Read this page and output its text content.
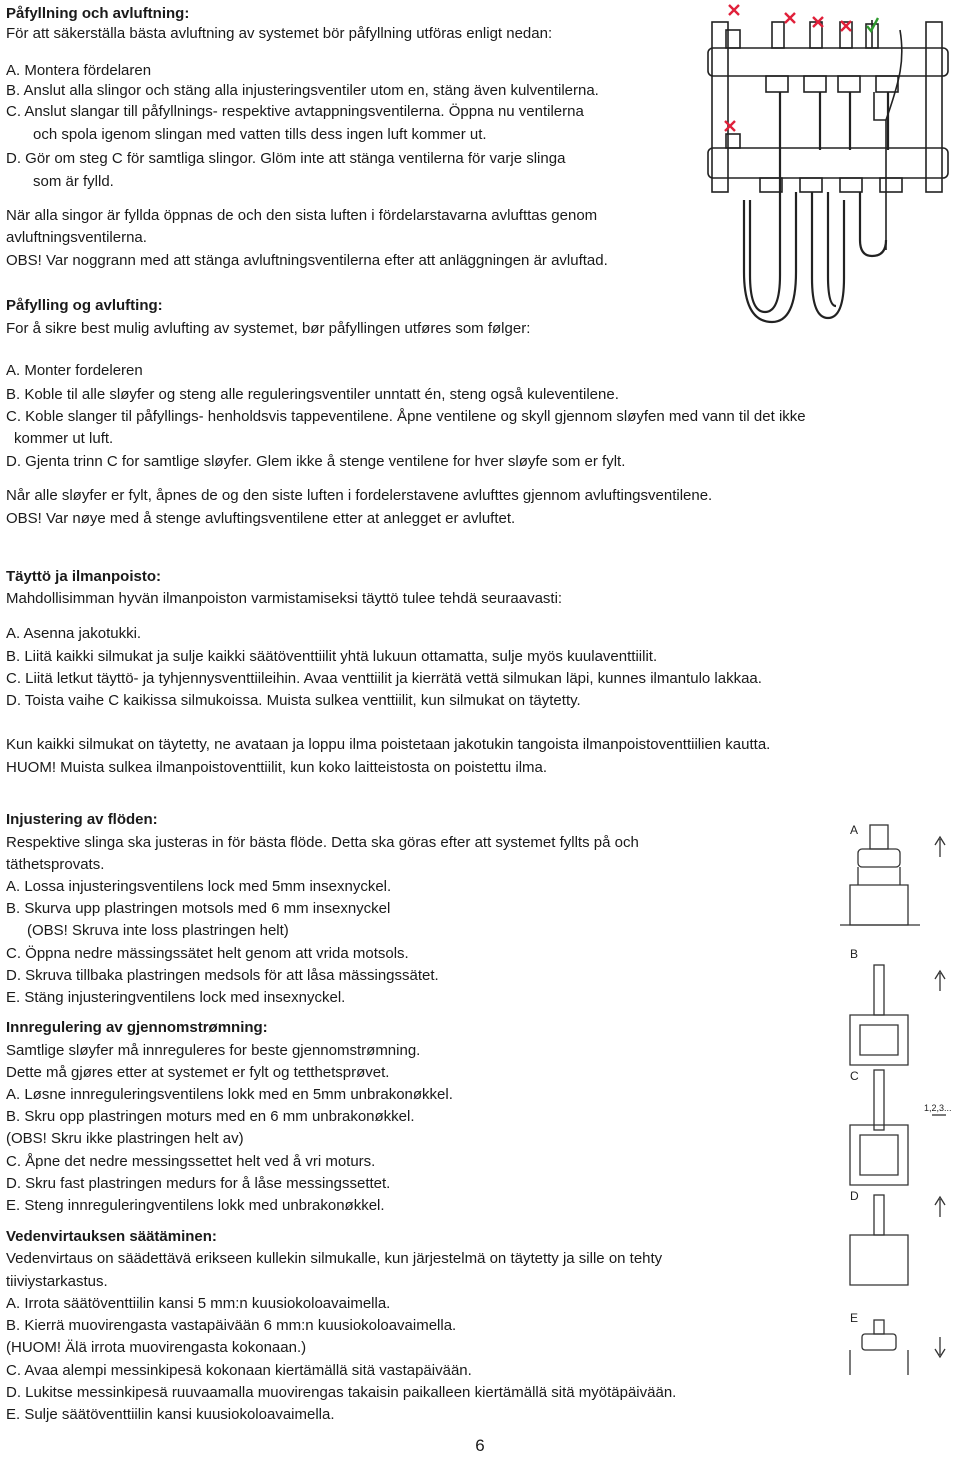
Påfyllning och avluftning:
För att säkerställa bästa avluftning av systemet bör påfyllning utföras enligt nedan:
A. Montera fördelaren
B. Anslut alla slingor och stäng alla injusteringsventiler utom en, stäng även kulventilerna.
C. Anslut slangar till påfyllnings- respektive avtappningsventilerna. Öppna nu ventilerna
och spola igenom slingan med vatten tills dess ingen luft kommer ut.
D. Gör om steg C för samtliga slingor. Glöm inte att stänga ventilerna för varje slinga
som är fylld.
När alla singor är fyllda öppnas de och den sista luften i fördelarstavarna avlufttas genom
avluftningsventilerna.
OBS! Var noggrann med att stänga avluftningsventilerna efter att anläggningen är avluftad.
Påfylling og avlufting:
For å sikre best mulig avlufting av systemet, bør påfyllingen utføres som følger:
A. Monter fordeleren
B. Koble til alle sløyfer og steng alle reguleringsventiler unntatt én, steng også kuleventilene.
C. Koble slanger til påfyllings- henholdsvis tappeventilene. Åpne ventilene og skyll gjennom sløyfen med vann til det ikke
kommer ut luft.
D. Gjenta trinn C for samtlige sløyfer. Glem ikke å stenge ventilene for hver sløyfe som er fylt.
Når alle sløyfer er fylt, åpnes de og den siste luften i fordelerstavene avlufttes gjennom avluftingsventilene.
OBS! Var nøye med å stenge avluftingsventilene etter at anlegget er avluftet.
Täyttö ja ilmanpoisto:
Mahdollisimman hyvän ilmanpoiston varmistamiseksi täyttö tulee tehdä seuraavasti:
A. Asenna jakotukki.
B. Liitä kaikki silmukat ja sulje kaikki säätöventtiilit yhtä lukuun ottamatta, sulje myös kuulaventtiilit.
C. Liitä letkut täyttö- ja tyhjennysventtiileihin. Avaa venttiilit ja kierrätä vettä silmukan läpi, kunnes ilmantulo lakkaa.
D. Toista vaihe C kaikissa silmukoissa. Muista sulkea venttiilit, kun silmukat on täytetty.
Kun kaikki silmukat on täytetty, ne avataan ja loppu ilma poistetaan jakotukin tangoista ilmanpoistoventtiilien kautta.
HUOM! Muista sulkea ilmanpoistoventtiilit, kun koko laitteistosta on poistettu ilma.
Injustering av flöden:
Respektive slinga ska justeras in för bästa flöde. Detta ska göras efter att systemet fyllts på och
täthetsprovats.
A. Lossa injusteringsventilens lock med 5mm insexnyckel.
B. Skurva upp plastringen motsols med 6 mm insexnyckel
(OBS! Skruva inte loss plastringen helt)
C. Öppna nedre mässingssätet helt genom att vrida motsols.
D. Skruva tillbaka plastringen medsols för att låsa mässingssätet.
E. Stäng injusteringventilens lock med insexnyckel.
Innregulering av gjennomstrømning:
Samtlige sløyfer må innreguleres for beste gjennomstrømning.
Dette må gjøres etter at systemet er fylt og tetthetsprøvet.
A. Løsne innreguleringsventilens lokk med en 5mm unbrakonøkkel.
B. Skru opp plastringen moturs med en 6 mm unbrakonøkkel.
(OBS! Skru ikke plastringen helt av)
C. Åpne det nedre messingssettet helt ved å vri moturs.
D. Skru fast plastringen medurs for å låse messingssettet.
E. Steng innreguleringventilens lokk med unbrakonøkkel.
Vedenvirtauksen säätäminen:
Vedenvirtaus on säädettävä erikseen kullekin silmukalle, kun järjestelmä on täytetty ja sille on tehty
tiiviystarkastus.
A. Irrota säätöventtiilin kansi 5 mm:n kuusiokoloavaimella.
B. Kierrä muovirengasta vastapäivään 6 mm:n kuusiokoloavaimella.
(HUOM! Älä irrota muovirengasta kokonaan.)
C. Avaa alempi messinkipesä kokonaan kiertämällä sitä vastapäivään.
D. Lukitse messinkipesä ruuvaamalla muovirengas takaisin paikalleen kiertämällä sitä myötäpäivään.
E. Sulje säätöventtiilin kansi kuusiokoloavaimella.
6
A
B
C
1,2,3...
D
E
